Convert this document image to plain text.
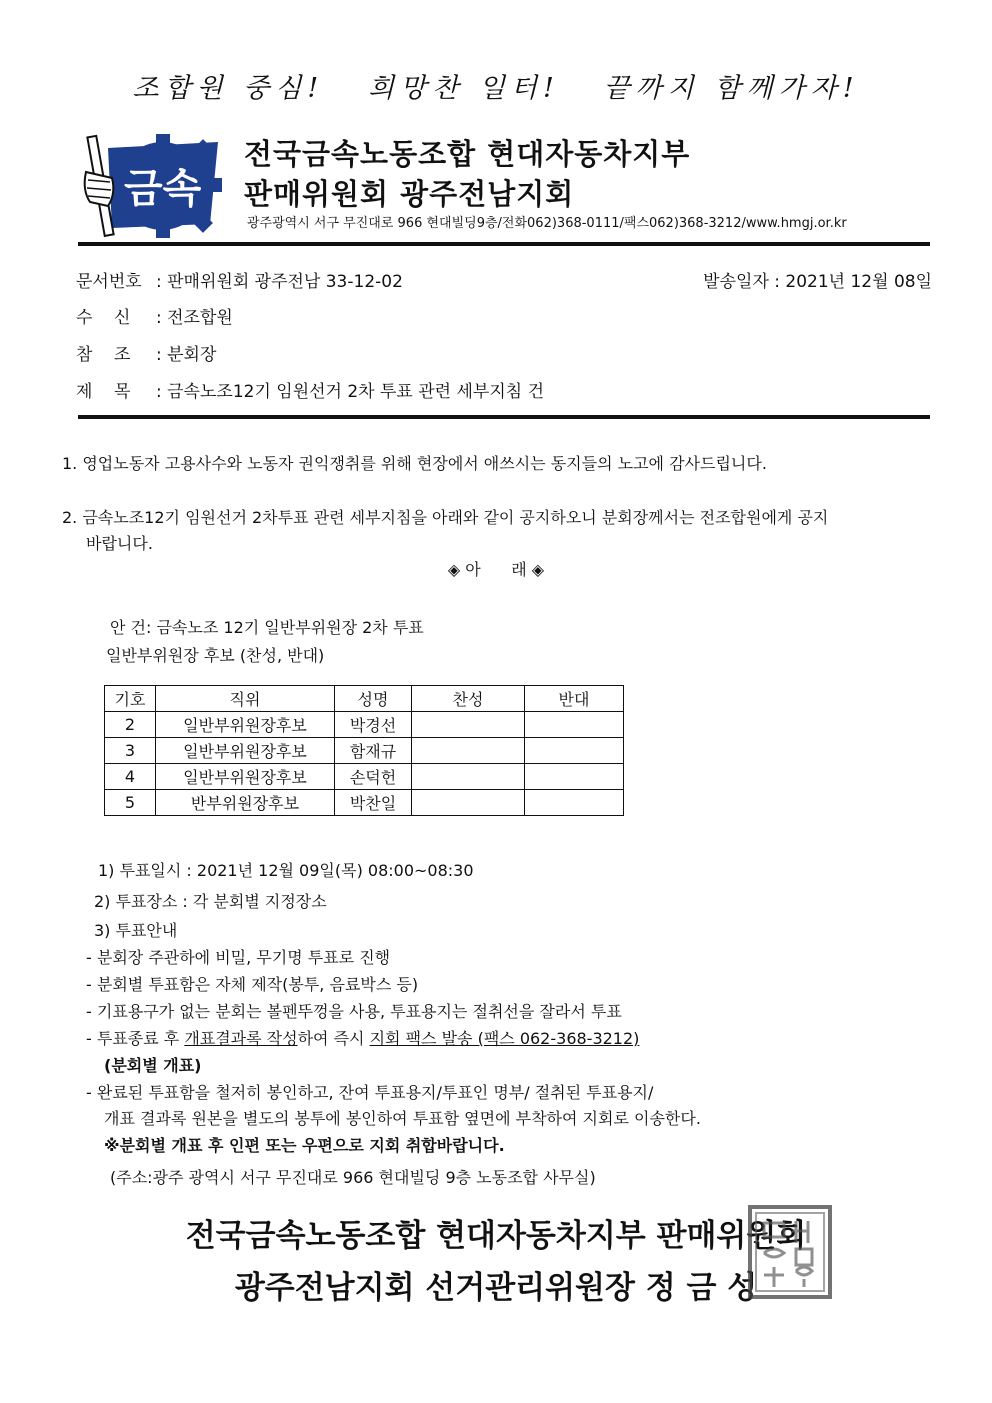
조합원 중심!   희망찬 일터!   끝까지 함께가자!
금속
전국금속노동조합 현대자동차지부
판매위원회 광주전남지회
광주광역시 서구 무진대로 966 현대빌딩9층/전화062)368-0111/팩스062)368-3212/www.hmgj.or.kr
문서번호 : 판매위원회 광주전남 33-12-02	발송일자 : 2021년 12월 08일
수    신 : 전조합원
참    조 : 분회장
제    목 : 금속노조12기 임원선거 2차 투표 관련 세부지침 건
1. 영업노동자 고용사수와 노동자 권익쟁취를 위해 현장에서 애쓰시는 동지들의 노고에 감사드립니다.
2. 금속노조12기 임원선거 2차투표 관련 세부지침을 아래와 같이 공지하오니 분회장께서는 전조합원에게 공지
바랍니다.
◈ 아      래 ◈
안 건: 금속노조 12기 일반부위원장 2차 투표
일반부위원장 후보 (찬성, 반대)
기호	직위	성명	찬성	반대
2	일반부위원장후보	박경선		
3	일반부위원장후보	함재규		
4	일반부위원장후보	손덕헌		
5	반부위원장후보	박찬일		
1) 투표일시 : 2021년 12월 09일(목) 08:00~08:30
2) 투표장소 : 각 분회별 지정장소
3) 투표안내
- 분회장 주관하에 비밀, 무기명 투표로 진행
- 분회별 투표함은 자체 제작(봉투, 음료박스 등)
- 기표용구가 없는 분회는 볼펜뚜껑을 사용, 투표용지는 절취선을 잘라서 투표
- 투표종료 후 개표결과록 작성하여 즉시 지회 팩스 발송 (팩스 062-368-3212)
(분회별 개표)
- 완료된 투표함을 철저히 봉인하고, 잔여 투표용지/투표인 명부/ 절취된 투표용지/
개표 결과록 원본을 별도의 봉투에 봉인하여 투표함 옆면에 부착하여 지회로 이송한다.
※분회별 개표 후 인편 또는 우편으로 지회 취합바랍니다.
(주소:광주 광역시 서구 무진대로 966 현대빌딩 9층 노동조합 사무실)
전국금속노동조합 현대자동차지부 판매위원회
광주전남지회 선거관리위원장 정 금 성
